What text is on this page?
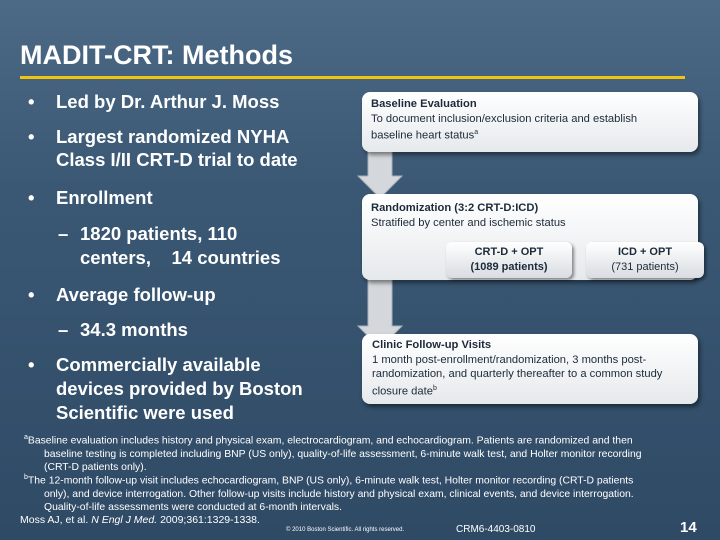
MADIT-CRT: Methods
• Led by Dr. Arthur J. Moss
• Largest randomized NYHA
Class I/II CRT-D trial to date
• Enrollment
– 1820 patients, 110
centers,    14 countries
• Average follow-up
– 34.3 months
• Commercially available
devices provided by Boston
Scientific were used
Baseline Evaluation
To document inclusion/exclusion criteria and establish
baseline heart status$^a$
Randomization (3:2 CRT-D:ICD)
Stratified by center and ischemic status
CRT-D + OPT
(1089 patients)
ICD + OPT
(731 patients)
Clinic Follow-up Visits
1 month post-enrollment/randomization, 3 months post-
randomization, and quarterly thereafter to a common study
closure date$^b$
$^a$Baseline evaluation includes history and physical exam, electrocardiogram, and echocardiogram. Patients are randomized and then
baseline testing is completed including BNP (US only), quality-of-life assessment, 6-minute walk test, and Holter monitor recording
(CRT-D patients only).
$^b$The 12-month follow-up visit includes echocardiogram, BNP (US only), 6-minute walk test, Holter monitor recording (CRT-D patients
only), and device interrogation. Other follow-up visits include history and physical exam, clinical events, and device interrogation.
Quality-of-life assessments were conducted at 6-month intervals.
Moss AJ, et al. N Engl J Med. 2009;361:1329-1338.
© 2010 Boston Scientific. All rights reserved.	CRM6-4403-0810	14
